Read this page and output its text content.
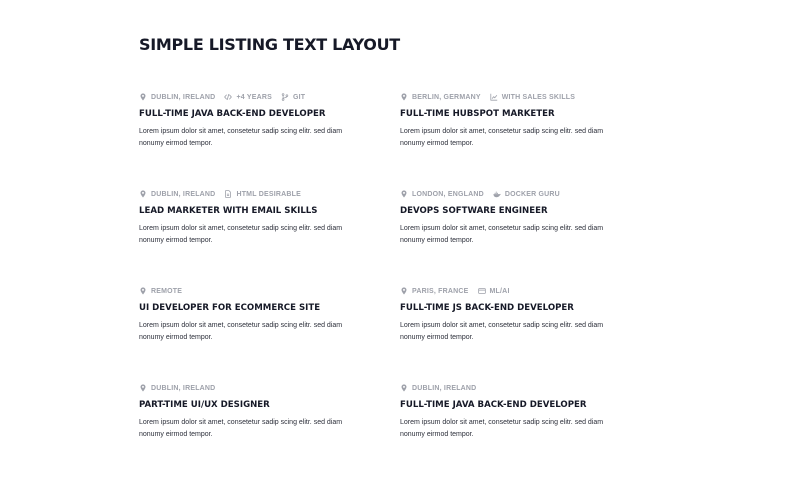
SIMPLE LISTING TEXT LAYOUT
DUBLIN, IRELAND	+4 YEARS	GIT
FULL-TIME JAVA BACK-END DEVELOPER

Lorem ipsum dolor sit amet, consetetur sadip scing elitr. sed diam nonumy eirmod tempor.

BERLIN, GERMANY	WITH SALES SKILLS
FULL-TIME HUBSPOT MARKETER

Lorem ipsum dolor sit amet, consetetur sadip scing elitr. sed diam nonumy eirmod tempor.

DUBLIN, IRELAND	HTML DESIRABLE
LEAD MARKETER WITH EMAIL SKILLS

Lorem ipsum dolor sit amet, consetetur sadip scing elitr. sed diam nonumy eirmod tempor.

LONDON, ENGLAND	DOCKER GURU
DEVOPS SOFTWARE ENGINEER

Lorem ipsum dolor sit amet, consetetur sadip scing elitr. sed diam nonumy eirmod tempor.

REMOTE
UI DEVELOPER FOR ECOMMERCE SITE

Lorem ipsum dolor sit amet, consetetur sadip scing elitr. sed diam nonumy eirmod tempor.

PARIS, FRANCE	ML/AI
FULL-TIME JS BACK-END DEVELOPER

Lorem ipsum dolor sit amet, consetetur sadip scing elitr. sed diam nonumy eirmod tempor.

DUBLIN, IRELAND
PART-TIME UI/UX DESIGNER

Lorem ipsum dolor sit amet, consetetur sadip scing elitr. sed diam nonumy eirmod tempor.

DUBLIN, IRELAND
FULL-TIME JAVA BACK-END DEVELOPER

Lorem ipsum dolor sit amet, consetetur sadip scing elitr. sed diam nonumy eirmod tempor.
